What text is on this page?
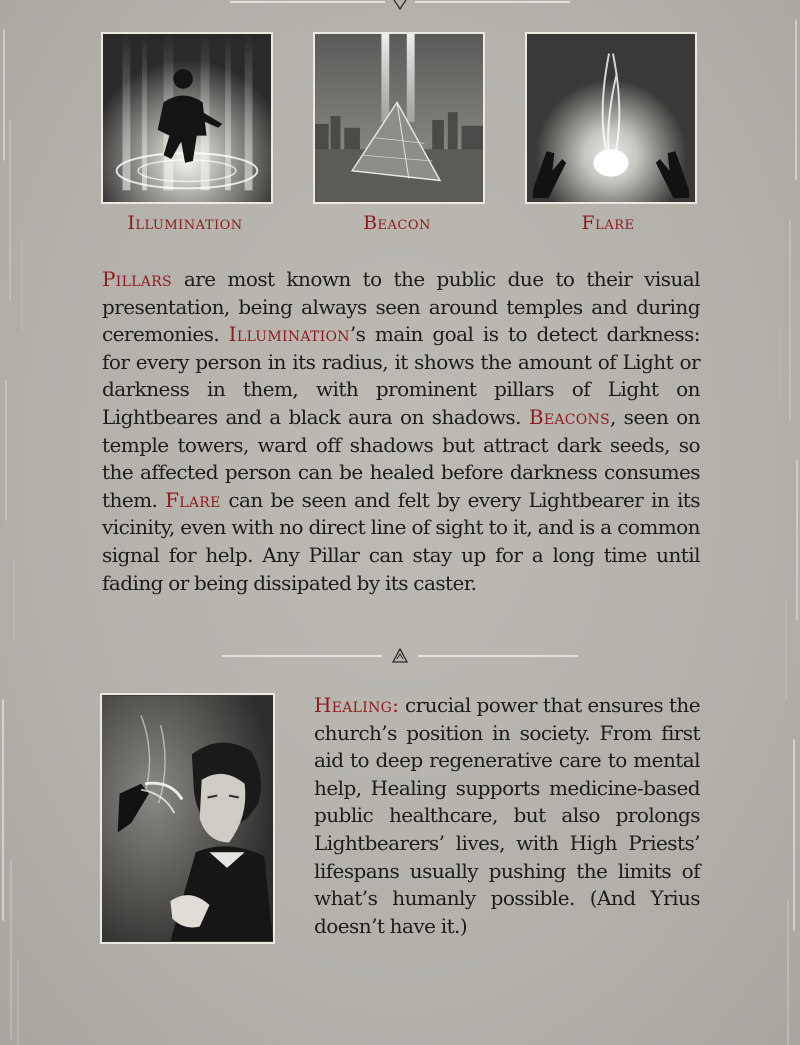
Illumination	Beacon	Flare
Pillars are most known to the public due to their visual presentation, being always seen around temples and during ceremonies. Illumination’s main goal is to detect darkness: for every person in its radius, it shows the amount of Light or darkness in them, with prominent pillars of Light on Lightbeares and a black aura on shadows. Beacons, seen on temple towers, ward off shadows but attract dark seeds, so the affected person can be healed before darkness consumes them. Flare can be seen and felt by every Lightbearer in its vicinity, even with no direct line of sight to it, and is a common signal for help. Any Pillar can stay up for a long time until fading or being dissipated by its caster.
Healing: crucial power that ensures the church’s position in society. From first aid to deep regenerative care to mental help, Healing supports medicine-based public healthcare, but also prolongs Lightbearers’ lives, with High Priests’ lifespans usually pushing the limits of what’s humanly possible. (And Yrius doesn’t have it.)
